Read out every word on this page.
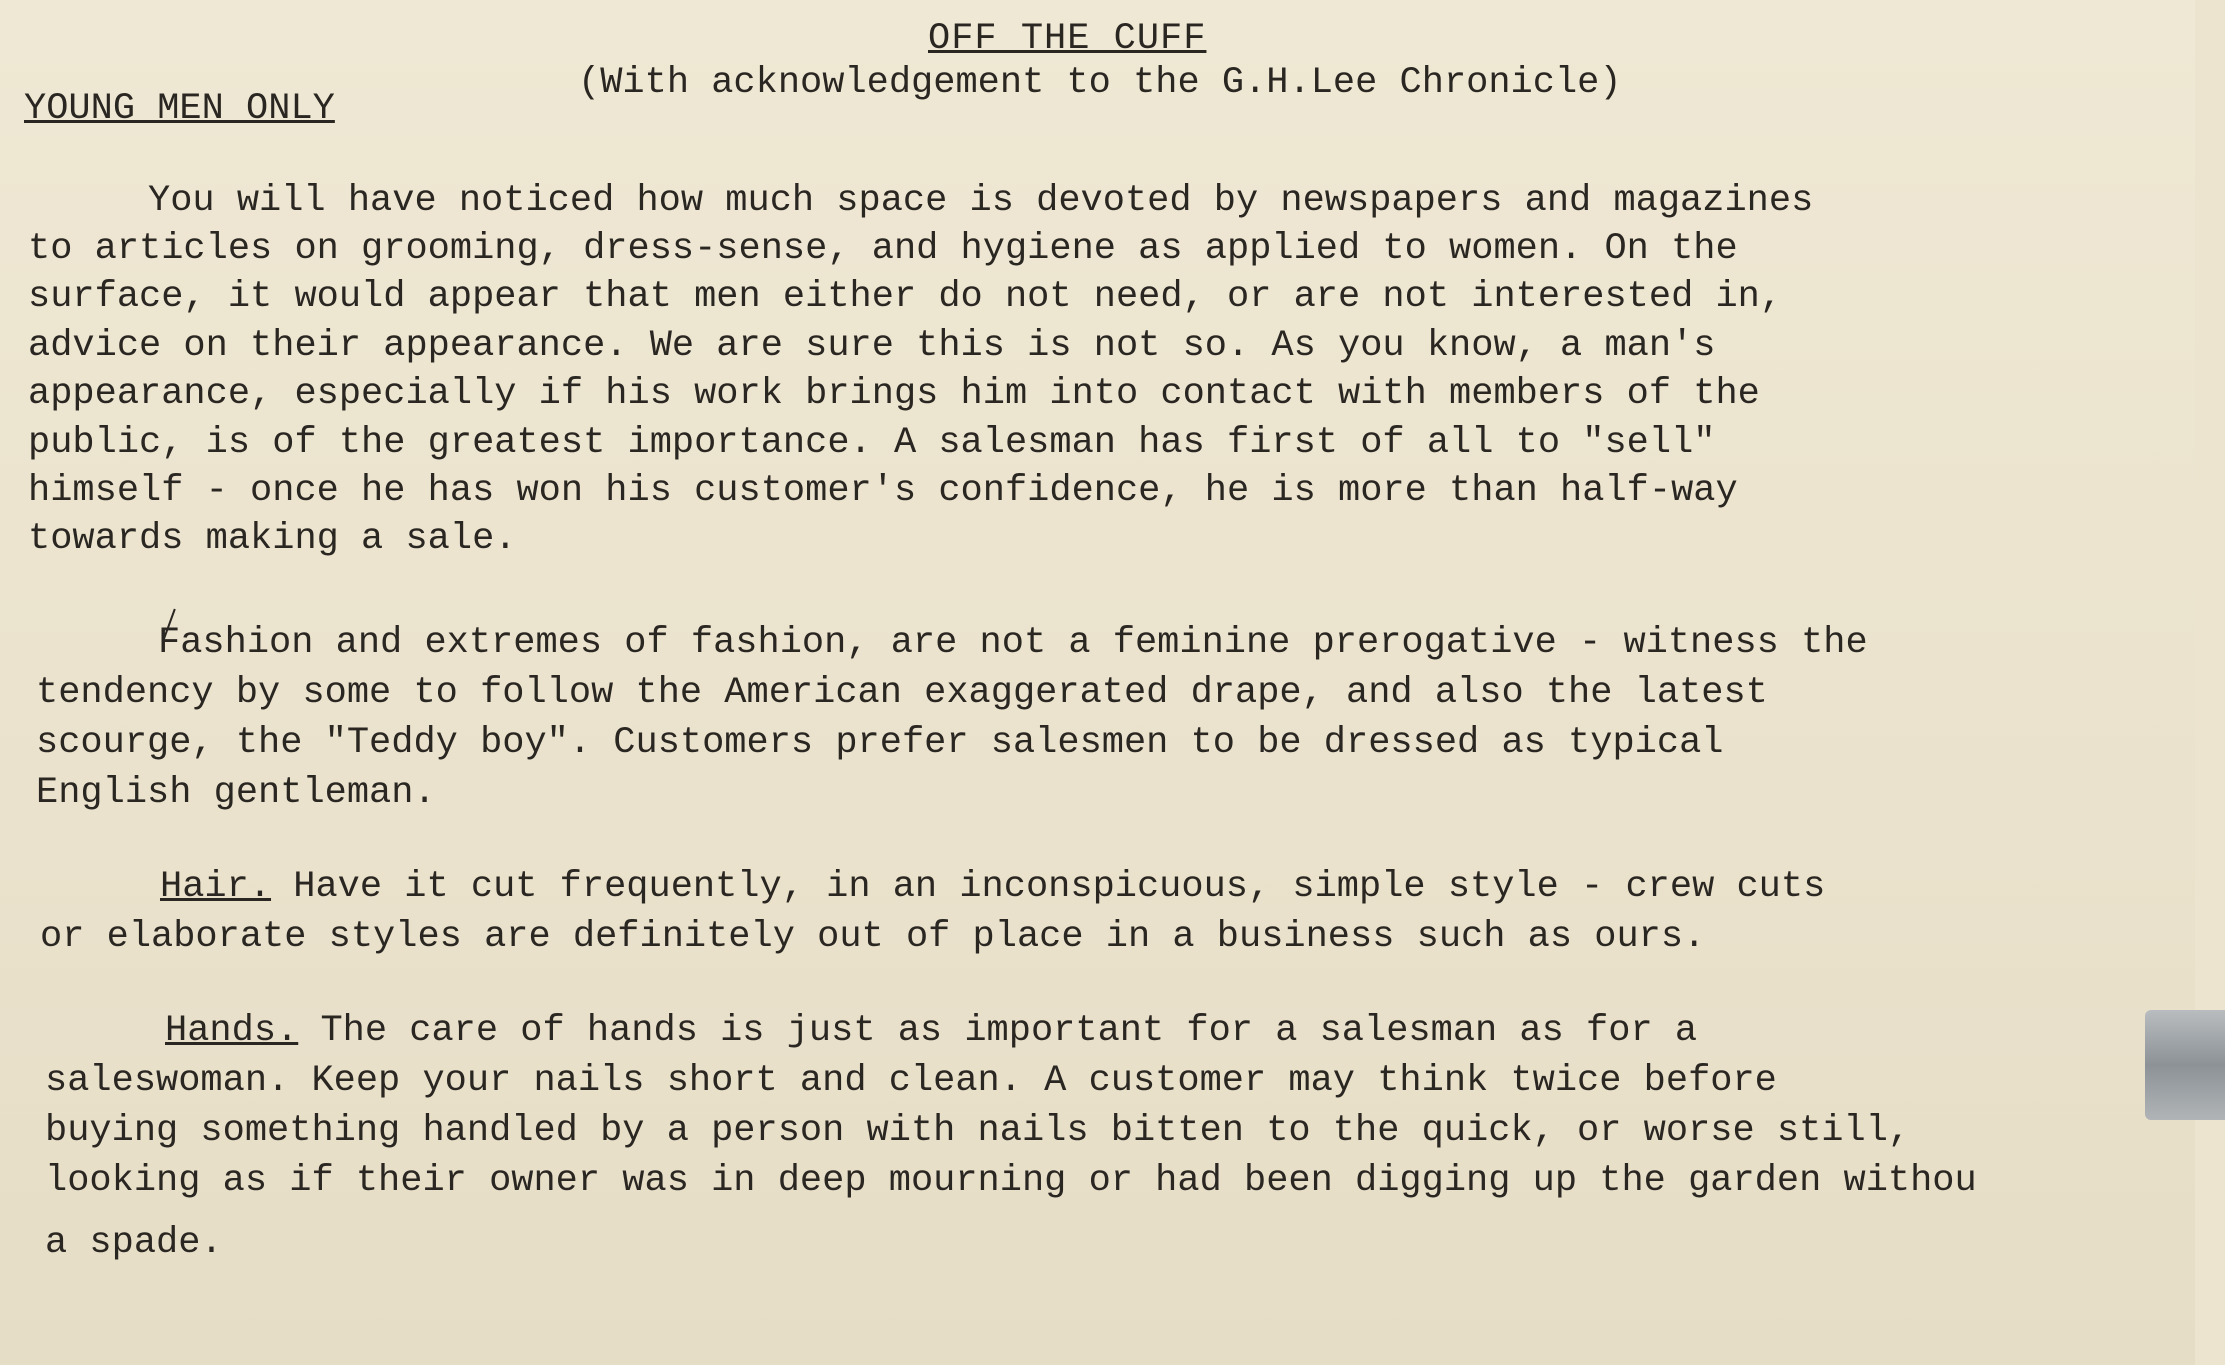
OFF THE CUFF
YOUNG MEN ONLY
(With acknowledgement to the G.H.Lee Chronicle)
You will have noticed how much space is devoted by newspapers and magazines
to articles on grooming, dress-sense, and hygiene as applied to women. On the
surface, it would appear that men either do not need, or are not interested in,
advice on their appearance. We are sure this is not so. As you know, a man's
appearance, especially if his work brings him into contact with members of the
public, is of the greatest importance. A salesman has first of all to "sell"
himself - once he has won his customer's confidence, he is more than half-way
towards making a sale.
Fashion and extremes of fashion, are not a feminine prerogative - witness the
tendency by some to follow the American exaggerated drape, and also the latest
scourge, the "Teddy boy". Customers prefer salesmen to be dressed as typical
English gentleman.
Hair. Have it cut frequently, in an inconspicuous, simple style - crew cuts
or elaborate styles are definitely out of place in a business such as ours.
Hands. The care of hands is just as important for a salesman as for a
saleswoman. Keep your nails short and clean. A customer may think twice before
buying something handled by a person with nails bitten to the quick, or worse still,
looking as if their owner was in deep mourning or had been digging up the garden withou
a spade.
